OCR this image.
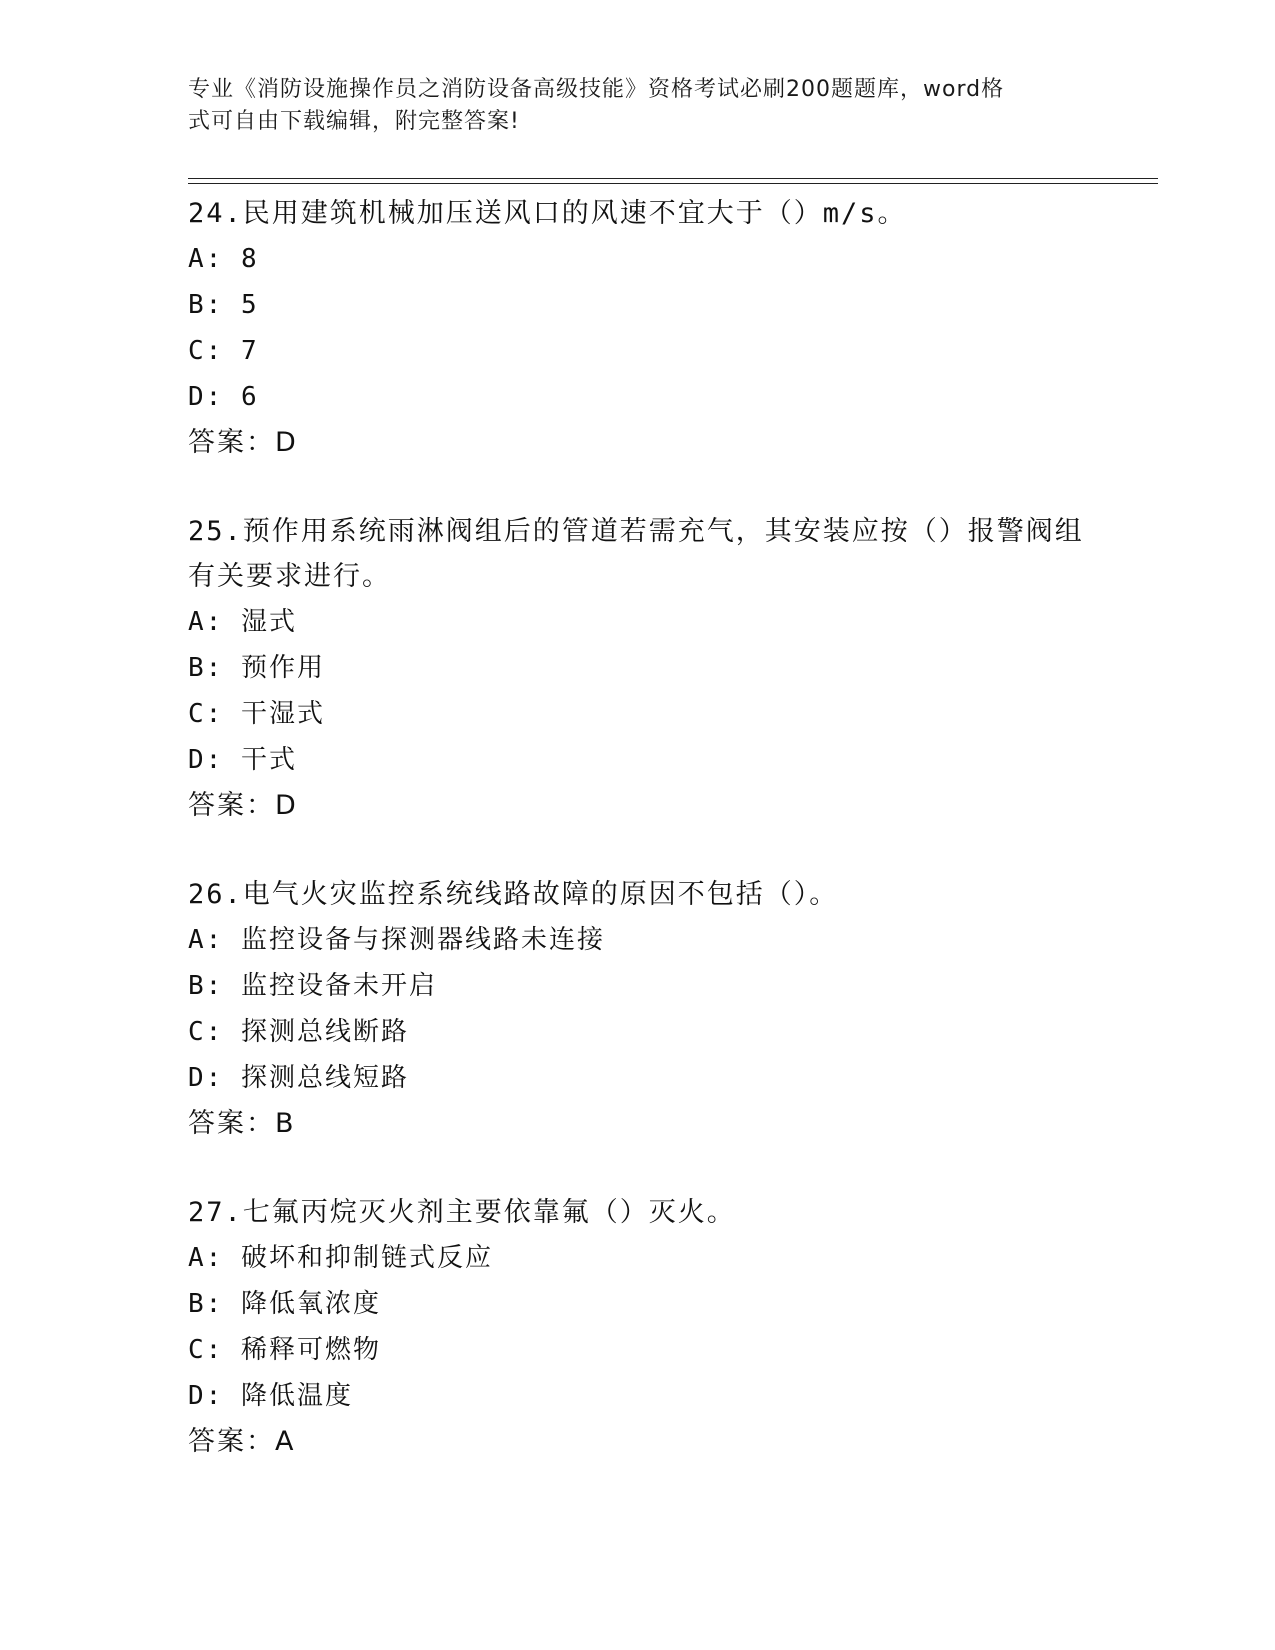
专业《消防设施操作员之消防设备高级技能》资格考试必刷200题题库，word格
式可自由下载编辑，附完整答案!

24.民用建筑机械加压送风口的风速不宜大于（）m/s。

A: 8

B: 5

C: 7

D: 6

答案：D

25.预作用系统雨淋阀组后的管道若需充气，其安装应按（）报警阀组

有关要求进行。

A: 湿式

B: 预作用

C: 干湿式

D: 干式

答案：D

26.电气火灾监控系统线路故障的原因不包括（）。

A: 监控设备与探测器线路未连接

B: 监控设备未开启

C: 探测总线断路

D: 探测总线短路

答案：B

27.七氟丙烷灭火剂主要依靠氟（）灭火。

A: 破坏和抑制链式反应

B: 降低氧浓度

C: 稀释可燃物

D: 降低温度

答案：A
